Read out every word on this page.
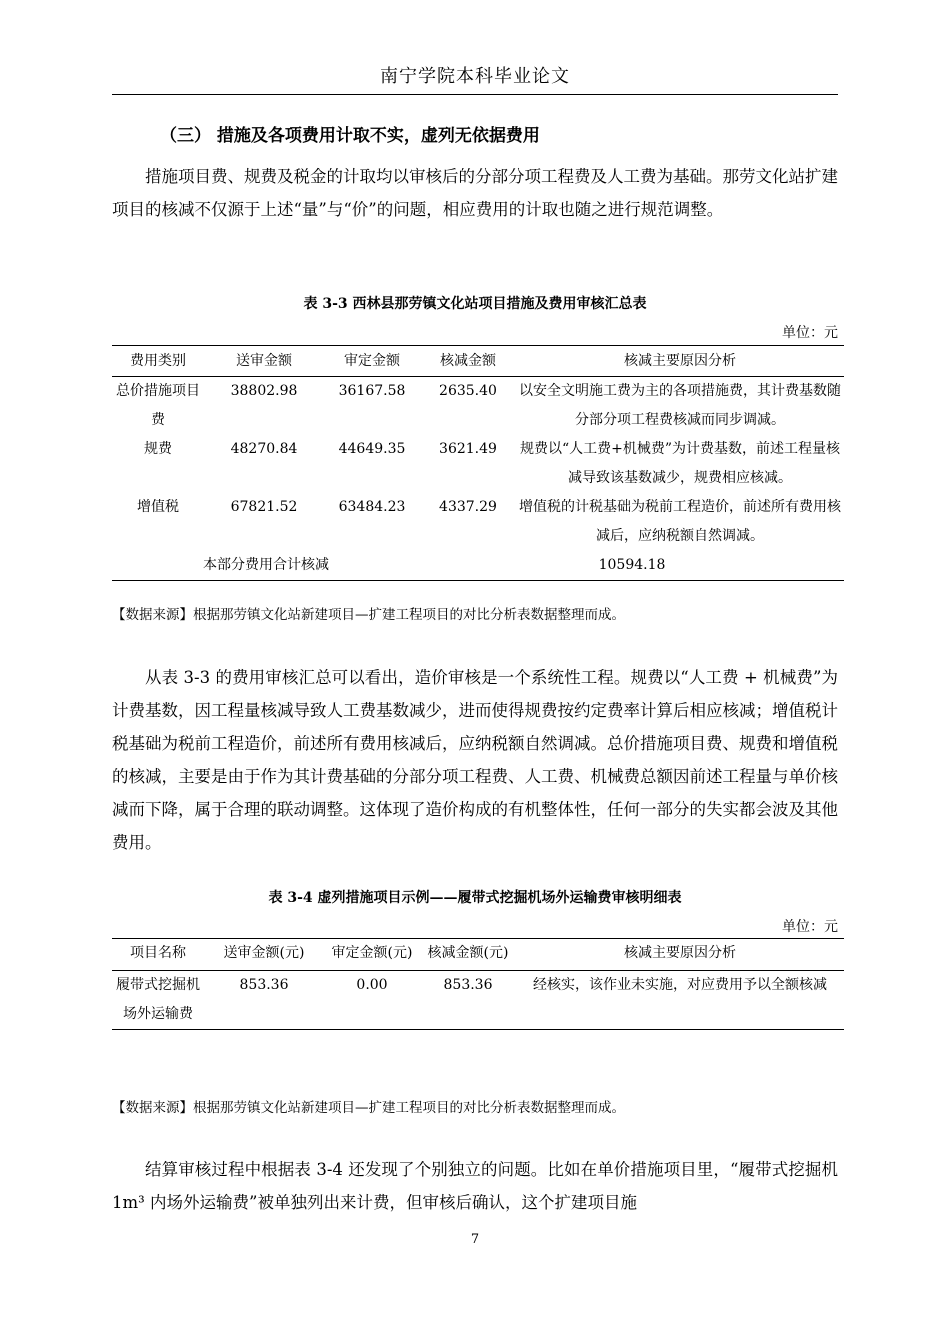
南宁学院本科毕业论文
（三） 措施及各项费用计取不实，虚列无依据费用
措施项目费、规费及税金的计取均以审核后的分部分项工程费及人工费为基础。那劳文化站扩建项目的核减不仅源于上述“量”与“价”的问题，相应费用的计取也随之进行规范调整。
表 3-3 西林县那劳镇文化站项目措施及费用审核汇总表
单位：元
费用类别	送审金额	审定金额	核减金额	核减主要原因分析
总价措施项目费	38802.98	36167.58	2635.40	以安全文明施工费为主的各项措施费，其计费基数随分部分项工程费核减而同步调减。
规费	48270.84	44649.35	3621.49	规费以“人工费+机械费”为计费基数，前述工程量核减导致该基数减少，规费相应核减。
增值税	67821.52	63484.23	4337.29	增值税的计税基础为税前工程造价，前述所有费用核减后，应纳税额自然调减。
本部分费用合计核减			10594.18	
【数据来源】根据那劳镇文化站新建项目—扩建工程项目的对比分析表数据整理而成。
从表 3-3 的费用审核汇总可以看出，造价审核是一个系统性工程。规费以“人工费 + 机械费”为计费基数，因工程量核减导致人工费基数减少，进而使得规费按约定费率计算后相应核减；增值税计税基础为税前工程造价，前述所有费用核减后，应纳税额自然调减。总价措施项目费、规费和增值税的核减，主要是由于作为其计费基础的分部分项工程费、人工费、机械费总额因前述工程量与单价核减而下降，属于合理的联动调整。这体现了造价构成的有机整体性，任何一部分的失实都会波及其他费用。
表 3-4 虚列措施项目示例——履带式挖掘机场外运输费审核明细表
单位：元
项目名称	送审金额(元)	审定金额(元)	核减金额(元)	核减主要原因分析
履带式挖掘机场外运输费	853.36	0.00	853.36	经核实，该作业未实施，对应费用予以全额核减
【数据来源】根据那劳镇文化站新建项目—扩建工程项目的对比分析表数据整理而成。
结算审核过程中根据表 3-4 还发现了个别独立的问题。比如在单价措施项目里，“履带式挖掘机 1m³ 内场外运输费”被单独列出来计费，但审核后确认，这个扩建项目施
7
